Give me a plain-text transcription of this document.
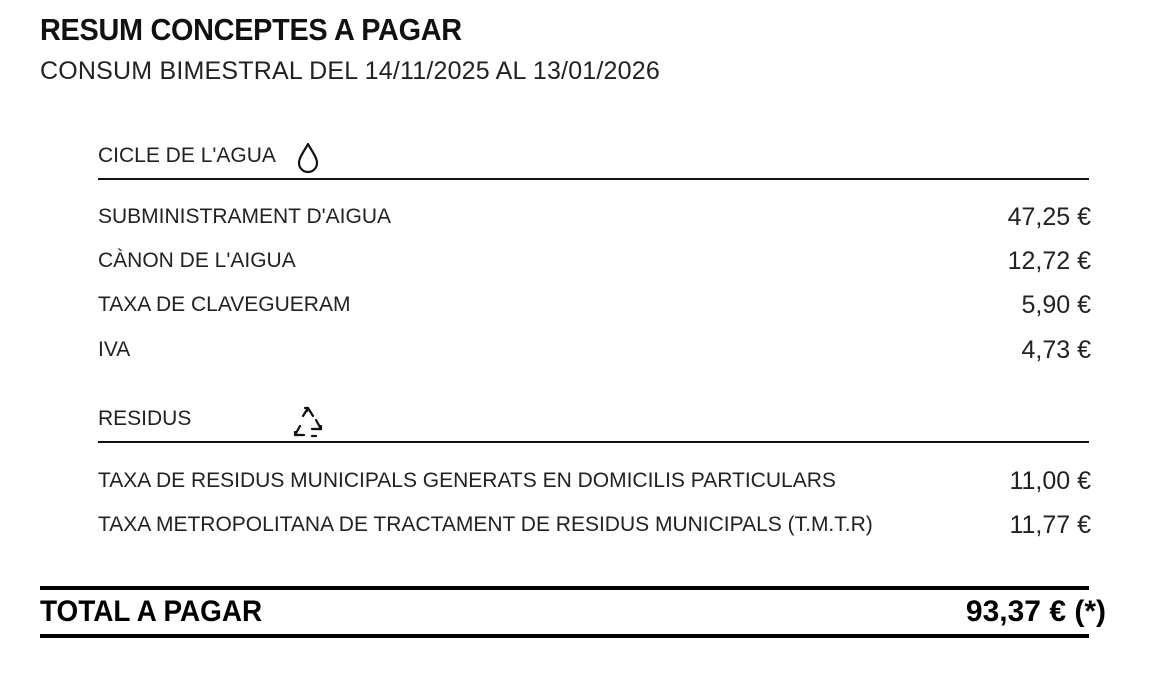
RESUM CONCEPTES A PAGAR
CONSUM BIMESTRAL DEL 14/11/2025 AL 13/01/2026
CICLE DE L'AGUA
SUBMINISTRAMENT D'AIGUA	47,25 €
CÀNON DE L'AIGUA	12,72 €
TAXA DE CLAVEGUERAM	5,90 €
IVA	4,73 €
RESIDUS
TAXA DE RESIDUS MUNICIPALS GENERATS EN DOMICILIS PARTICULARS	11,00 €
TAXA METROPOLITANA DE TRACTAMENT DE RESIDUS MUNICIPALS (T.M.T.R)	11,77 €
TOTAL A PAGAR	93,37 € (*)
